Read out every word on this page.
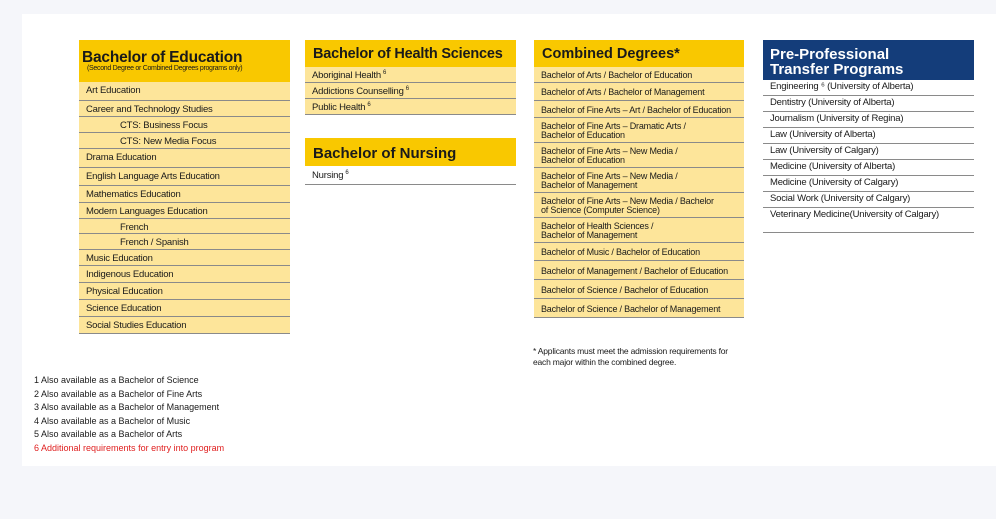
Bachelor of Education
(Second Degree or Combined Degrees programs only)
Art Education
Career and Technology Studies
CTS: Business Focus
CTS: New Media Focus
Drama Education
English Language Arts Education
Mathematics Education
Modern Languages Education
French
French / Spanish
Music Education
Indigenous Education
Physical Education
Science Education
Social Studies Education
Bachelor of Health Sciences
Aboriginal Health $^6$
Addictions Counselling $^6$
Public Health $^6$
Bachelor of Nursing
Nursing $^6$
Combined Degrees*
Bachelor of Arts / Bachelor of Education
Bachelor of Arts / Bachelor of Management
Bachelor of Fine Arts – Art / Bachelor of Education
Bachelor of Fine Arts – Dramatic Arts /
Bachelor of Education
Bachelor of Fine Arts – New Media /
Bachelor of Education
Bachelor of Fine Arts – New Media /
Bachelor of Management
Bachelor of Fine Arts – New Media / Bachelor
of Science (Computer Science)
Bachelor of Health Sciences /
Bachelor of Management
Bachelor of Music / Bachelor of Education
Bachelor of Management / Bachelor of Education
Bachelor of Science / Bachelor of Education
Bachelor of Science / Bachelor of Management
* Applicants must meet the admission requirements for each major within the combined degree.
Pre-Professional
Transfer Programs
Engineering ⁶ (University of Alberta)
Dentistry (University of Alberta)
Journalism (University of Regina)
Law (University of Alberta)
Law (University of Calgary)
Medicine (University of Alberta)
Medicine (University of Calgary)
Social Work (University of Calgary)
Veterinary Medicine(University of Calgary)
1 Also available as a Bachelor of Science
2 Also available as a Bachelor of Fine Arts
3 Also available as a Bachelor of Management
4 Also available as a Bachelor of Music
5 Also available as a Bachelor of Arts
6 Additional requirements for entry into program
